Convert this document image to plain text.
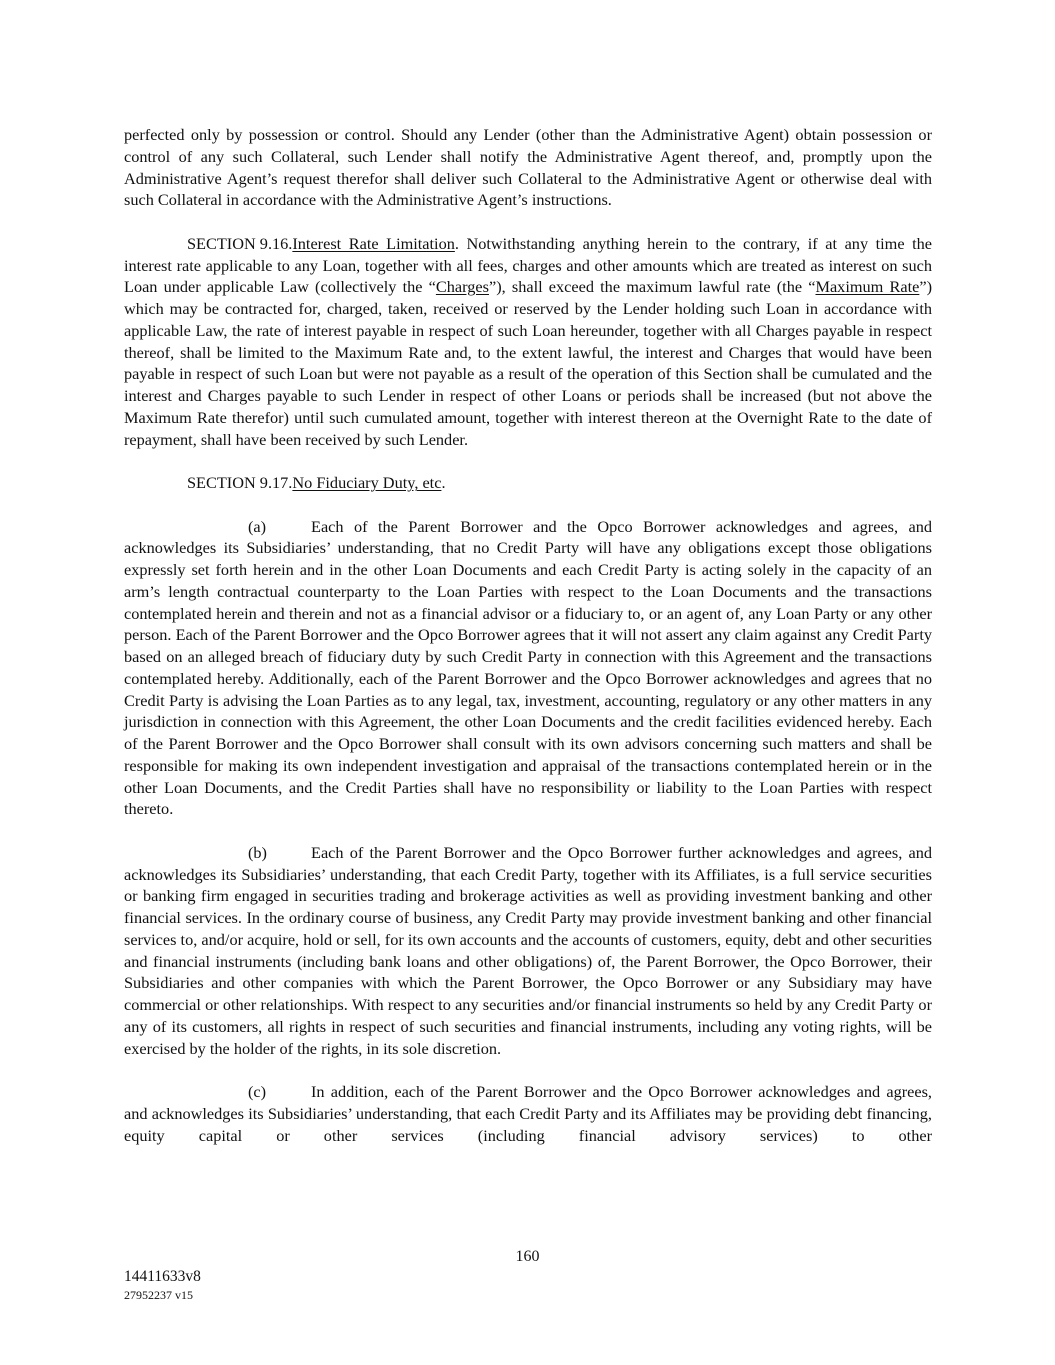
perfected only by possession or control. Should any Lender (other than the Administrative Agent) obtain possession or control of any such Collateral, such Lender shall notify the Administrative Agent thereof, and, promptly upon the Administrative Agent’s request therefor shall deliver such Collateral to the Administrative Agent or otherwise deal with such Collateral in accordance with the Administrative Agent’s instructions.

SECTION 9.16.Interest Rate Limitation. Notwithstanding anything herein to the contrary, if at any time the interest rate applicable to any Loan, together with all fees, charges and other amounts which are treated as interest on such Loan under applicable Law (collectively the “Charges”), shall exceed the maximum lawful rate (the “Maximum Rate”) which may be contracted for, charged, taken, received or reserved by the Lender holding such Loan in accordance with applicable Law, the rate of interest payable in respect of such Loan hereunder, together with all Charges payable in respect thereof, shall be limited to the Maximum Rate and, to the extent lawful, the interest and Charges that would have been payable in respect of such Loan but were not payable as a result of the operation of this Section shall be cumulated and the interest and Charges payable to such Lender in respect of other Loans or periods shall be increased (but not above the Maximum Rate therefor) until such cumulated amount, together with interest thereon at the Overnight Rate to the date of repayment, shall have been received by such Lender.

SECTION 9.17.No Fiduciary Duty, etc.

(a)	Each of the Parent Borrower and the Opco Borrower acknowledges and agrees, and acknowledges its Subsidiaries’ understanding, that no Credit Party will have any obligations except those obligations expressly set forth herein and in the other Loan Documents and each Credit Party is acting solely in the capacity of an arm’s length contractual counterparty to the Loan Parties with respect to the Loan Documents and the transactions contemplated herein and therein and not as a financial advisor or a fiduciary to, or an agent of, any Loan Party or any other person. Each of the Parent Borrower and the Opco Borrower agrees that it will not assert any claim against any Credit Party based on an alleged breach of fiduciary duty by such Credit Party in connection with this Agreement and the transactions contemplated hereby. Additionally, each of the Parent Borrower and the Opco Borrower acknowledges and agrees that no Credit Party is advising the Loan Parties as to any legal, tax, investment, accounting, regulatory or any other matters in any jurisdiction in connection with this Agreement, the other Loan Documents and the credit facilities evidenced hereby. Each of the Parent Borrower and the Opco Borrower shall consult with its own advisors concerning such matters and shall be responsible for making its own independent investigation and appraisal of the transactions contemplated herein or in the other Loan Documents, and the Credit Parties shall have no responsibility or liability to the Loan Parties with respect thereto.

(b)	Each of the Parent Borrower and the Opco Borrower further acknowledges and agrees, and acknowledges its Subsidiaries’ understanding, that each Credit Party, together with its Affiliates, is a full service securities or banking firm engaged in securities trading and brokerage activities as well as providing investment banking and other financial services. In the ordinary course of business, any Credit Party may provide investment banking and other financial services to, and/or acquire, hold or sell, for its own accounts and the accounts of customers, equity, debt and other securities and financial instruments (including bank loans and other obligations) of, the Parent Borrower, the Opco Borrower, their Subsidiaries and other companies with which the Parent Borrower, the Opco Borrower or any Subsidiary may have commercial or other relationships. With respect to any securities and/or financial instruments so held by any Credit Party or any of its customers, all rights in respect of such securities and financial instruments, including any voting rights, will be exercised by the holder of the rights, in its sole discretion.

(c)	In addition, each of the Parent Borrower and the Opco Borrower acknowledges and agrees, and acknowledges its Subsidiaries’ understanding, that each Credit Party and its Affiliates may be providing debt financing, equity capital or other services (including financial advisory services) to other

160
14411633v8
27952237 v15
